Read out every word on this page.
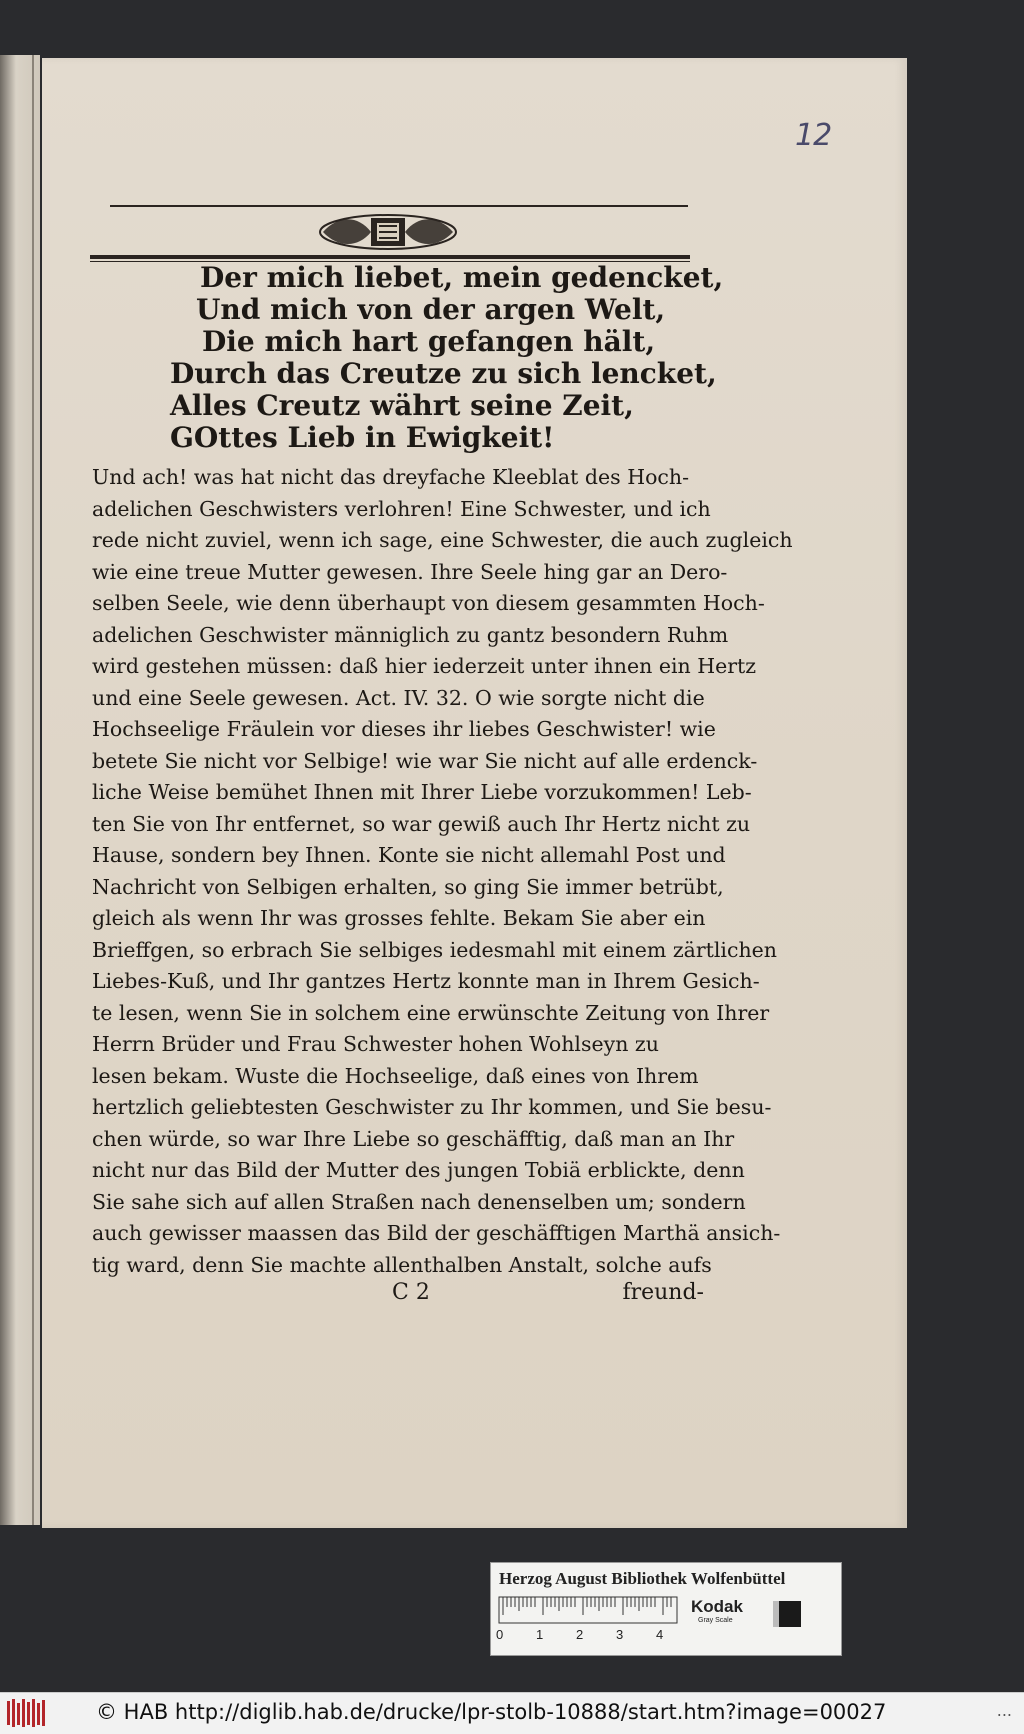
12
Der mich liebet, mein gedencket,
Und mich von der argen Welt,
Die mich hart gefangen hält,
Durch das Creutze zu sich lencket,
Alles Creutz währt seine Zeit,
GOttes Lieb in Ewigkeit!
Und ach! was hat nicht das dreyfache Kleeblat des Hoch-
adelichen Geschwisters verlohren! Eine Schwester, und ich
rede nicht zuviel, wenn ich sage, eine Schwester, die auch zugleich
wie eine treue Mutter gewesen. Ihre Seele hing gar an Dero-
selben Seele, wie denn überhaupt von diesem gesammten Hoch-
adelichen Geschwister männiglich zu gantz besondern Ruhm
wird gestehen müssen: daß hier iederzeit unter ihnen ein Hertz
und eine Seele gewesen. Act. IV. 32. O wie sorgte nicht die
Hochseelige Fräulein vor dieses ihr liebes Geschwister! wie
betete Sie nicht vor Selbige! wie war Sie nicht auf alle erdenck-
liche Weise bemühet Ihnen mit Ihrer Liebe vorzukommen! Leb-
ten Sie von Ihr entfernet, so war gewiß auch Ihr Hertz nicht zu
Hause, sondern bey Ihnen. Konte sie nicht allemahl Post und
Nachricht von Selbigen erhalten, so ging Sie immer betrübt,
gleich als wenn Ihr was grosses fehlte. Bekam Sie aber ein
Brieffgen, so erbrach Sie selbiges iedesmahl mit einem zärtlichen
Liebes-Kuß, und Ihr gantzes Hertz konnte man in Ihrem Gesich-
te lesen, wenn Sie in solchem eine erwünschte Zeitung von Ihrer
Herrn Brüder und Frau Schwester hohen Wohlseyn zu
lesen bekam. Wuste die Hochseelige, daß eines von Ihrem
hertzlich geliebtesten Geschwister zu Ihr kommen, und Sie besu-
chen würde, so war Ihre Liebe so geschäfftig, daß man an Ihr
nicht nur das Bild der Mutter des jungen Tobiä erblickte, denn
Sie sahe sich auf allen Straßen nach denenselben um; sondern
auch gewisser maassen das Bild der geschäfftigen Marthä ansich-
tig ward, denn Sie machte allenthalben Anstalt, solche aufs
C 2	freund-
Herzog August Bibliothek Wolfenbüttel
0	1	2	3	4
Kodak
Gray Scale
© HAB http://diglib.hab.de/drucke/lpr-stolb-10888/start.htm?image=00027	...
